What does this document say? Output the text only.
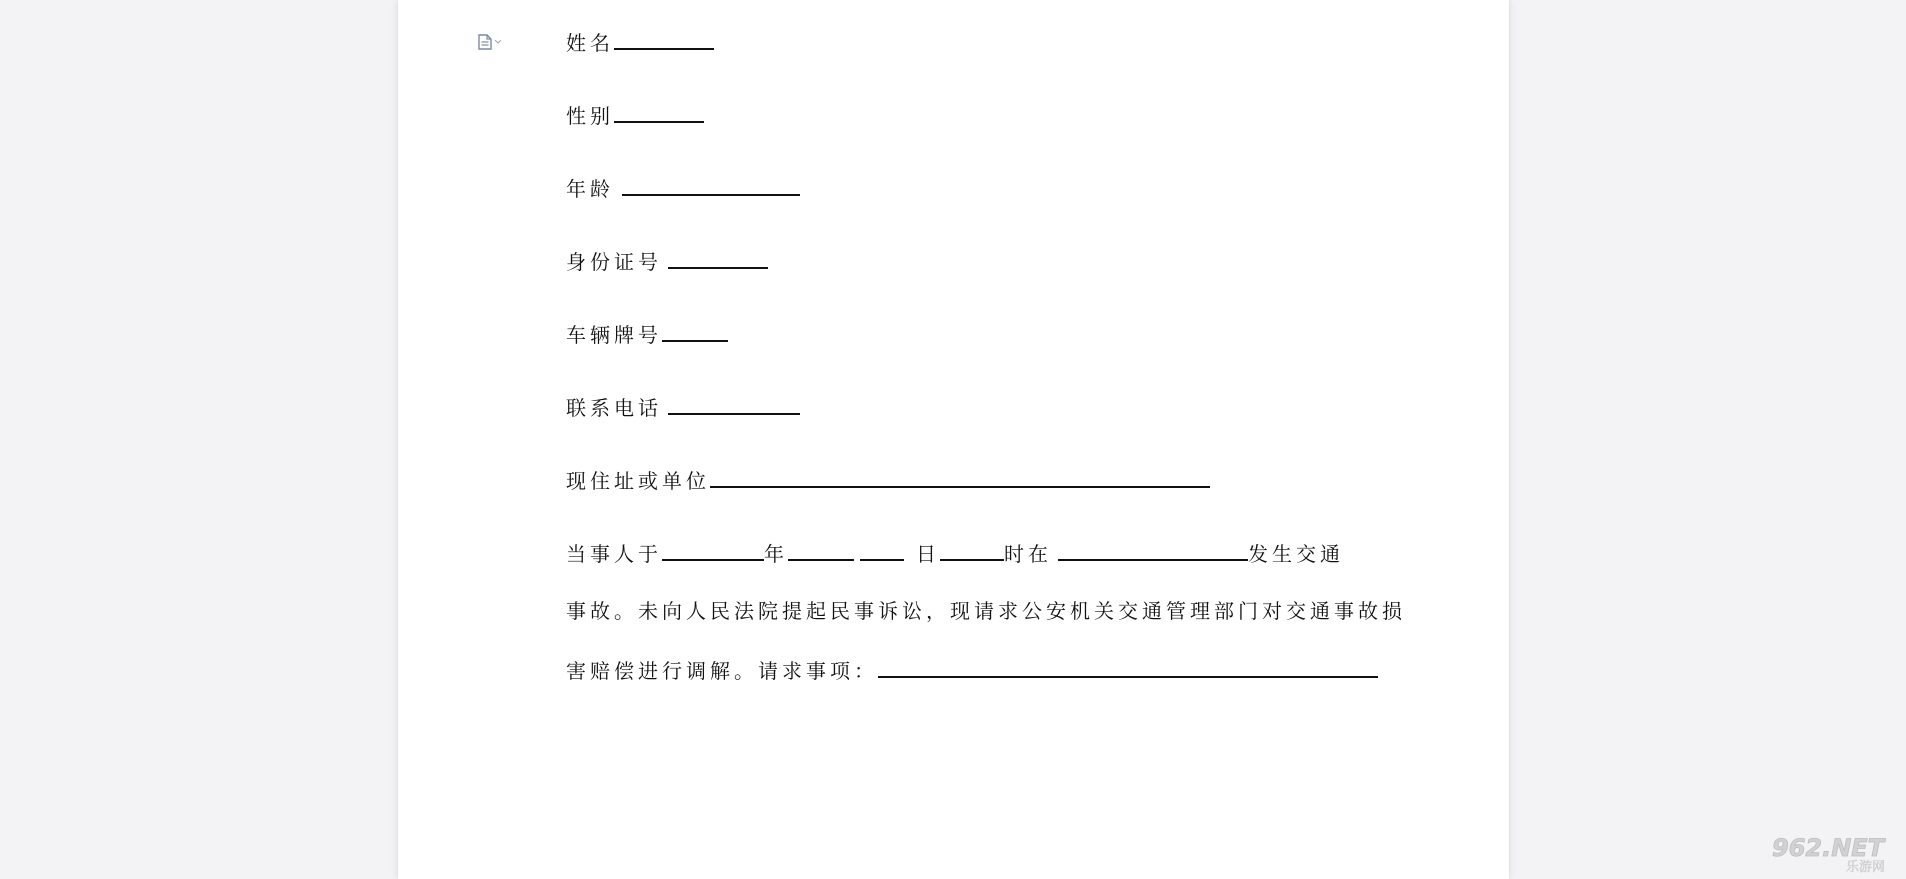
姓名
性别
年龄
身份证号
车辆牌号
联系电话
现住址或单位
当事人于	年	日	时在	发生交通
事故。未向人民法院提起民事诉讼，现请求公安机关交通管理部门对交通事故损
害赔偿进行调解。请求事项：
962.NET
乐游网
